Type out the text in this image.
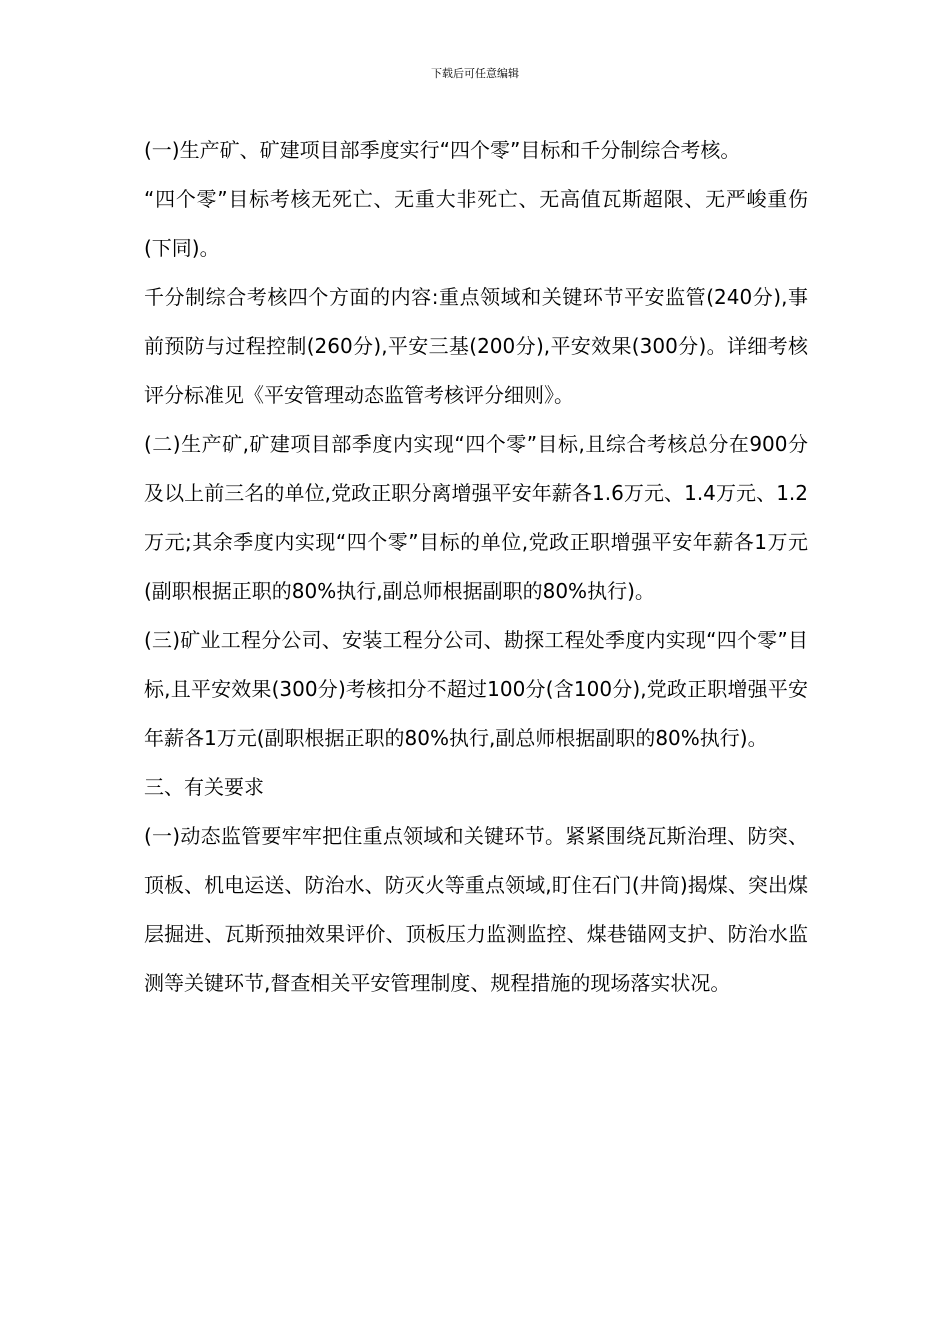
下载后可任意编辑

(一)生产矿、矿建项目部季度实行“四个零”目标和千分制综合考核。

“四个零”目标考核无死亡、无重大非死亡、无高值瓦斯超限、无严峻重伤(下同)。

千分制综合考核四个方面的内容:重点领域和关键环节平安监管(240分),事前预防与过程控制(260分),平安三基(200分),平安效果(300分)。详细考核评分标准见《平安管理动态监管考核评分细则》。

(二)生产矿,矿建项目部季度内实现“四个零”目标,且综合考核总分在900分及以上前三名的单位,党政正职分离增强平安年薪各1.6万元、1.4万元、1.2万元;其余季度内实现“四个零”目标的单位,党政正职增强平安年薪各1万元(副职根据正职的80%执行,副总师根据副职的80%执行)。

(三)矿业工程分公司、安装工程分公司、勘探工程处季度内实现“四个零”目标,且平安效果(300分)考核扣分不超过100分(含100分),党政正职增强平安年薪各1万元(副职根据正职的80%执行,副总师根据副职的80%执行)。

三、有关要求

(一)动态监管要牢牢把住重点领域和关键环节。紧紧围绕瓦斯治理、防突、顶板、机电运送、防治水、防灭火等重点领域,盯住石门(井筒)揭煤、突出煤层掘进、瓦斯预抽效果评价、顶板压力监测监控、煤巷锚网支护、防治水监测等关键环节,督查相关平安管理制度、规程措施的现场落实状况。
